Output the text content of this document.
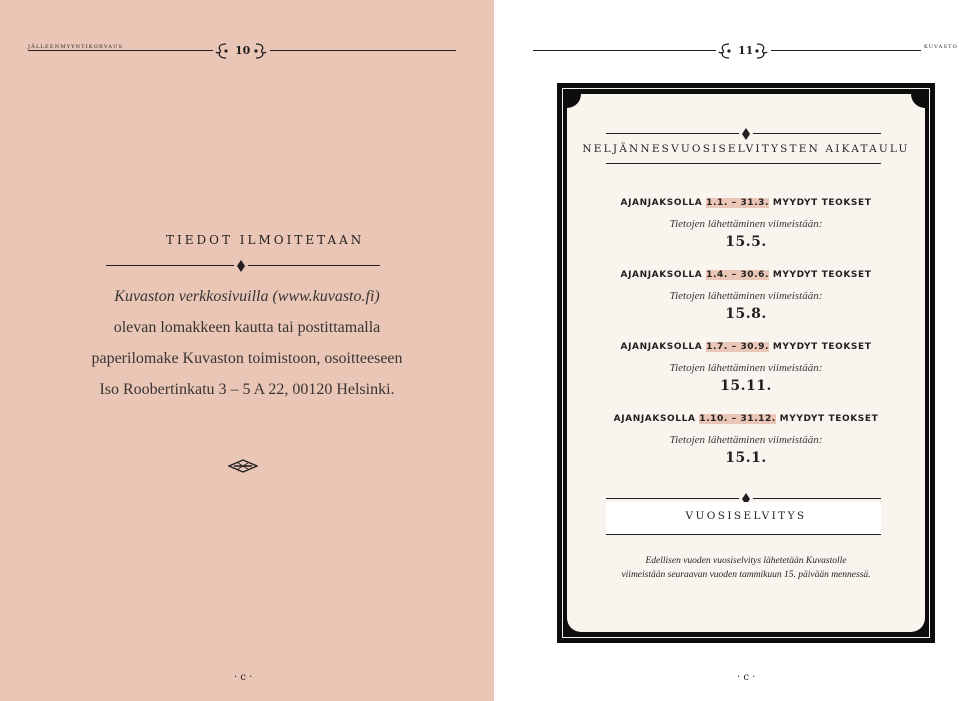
jälleenmyyntikorvaus	10
TIEDOT ILMOITETAAN
Kuvaston verkkosivuilla (www.kuvasto.fi)
olevan lomakkeen kautta tai postittamalla
paperilomake Kuvaston toimistoon, osoitteeseen
Iso Roobertinkatu 3 – 5 A 22, 00120 Helsinki.
· c ·
11	kuvasto
NELJÄNNESVUOSISELVITYSTEN AIKATAULU
AJANJAKSOLLA 1.1. – 31.3. MYYDYT TEOKSET
Tietojen lähettäminen viimeistään:
15.5.
AJANJAKSOLLA 1.4. – 30.6. MYYDYT TEOKSET
Tietojen lähettäminen viimeistään:
15.8.
AJANJAKSOLLA 1.7. – 30.9. MYYDYT TEOKSET
Tietojen lähettäminen viimeistään:
15.11.
AJANJAKSOLLA 1.10. – 31.12. MYYDYT TEOKSET
Tietojen lähettäminen viimeistään:
15.1.
VUOSISELVITYS
Edellisen vuoden vuosiselvitys lähetetään Kuvastolle
viimeistään seuraavan vuoden tammikuun 15. päivään mennessä.
· c ·
